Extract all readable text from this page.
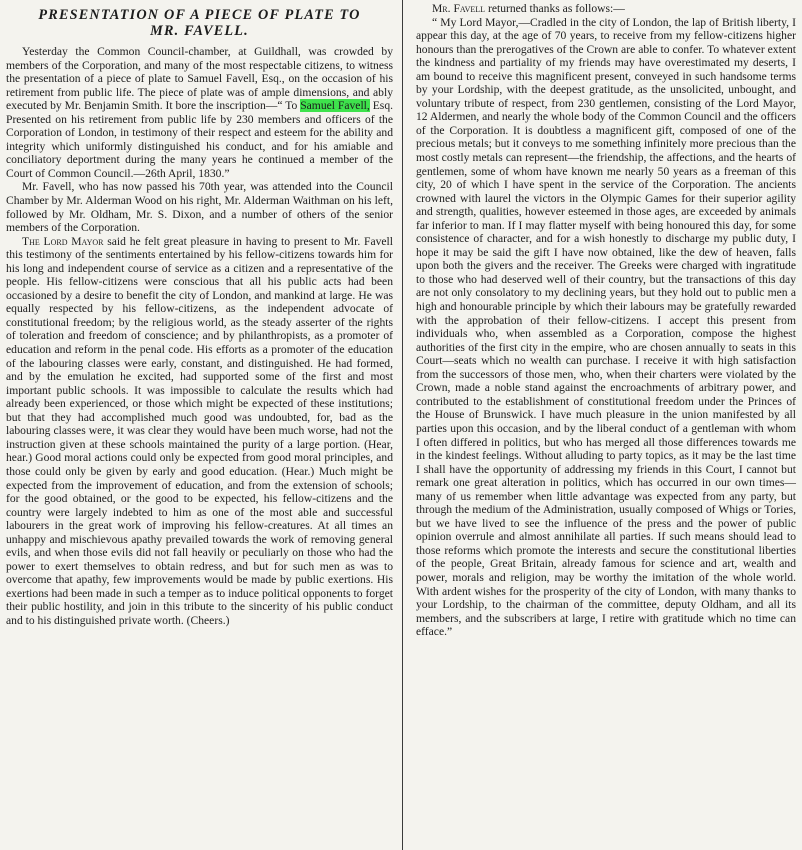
PRESENTATION OF A PIECE OF PLATE TO
MR. FAVELL.

Yesterday the Common Council-chamber, at Guildhall, was crowded by members of the Corporation, and many of the most respectable citizens, to witness the presentation of a piece of plate to Samuel Favell, Esq., on the occasion of his retirement from public life. The piece of plate was of ample dimensions, and ably executed by Mr. Benjamin Smith. It bore the inscription—“ To Samuel Favell, Esq. Presented on his retirement from public life by 230 members and officers of the Corporation of London, in testimony of their respect and esteem for the ability and integrity which uniformly distinguished his conduct, and for his amiable and conciliatory deportment during the many years he continued a member of the Court of Common Council.—26th April, 1830.”

Mr. Favell, who has now passed his 70th year, was attended into the Council Chamber by Mr. Alderman Wood on his right, Mr. Alderman Waithman on his left, followed by Mr. Oldham, Mr. S. Dixon, and a number of others of the senior members of the Corporation.

The Lord Mayor said he felt great pleasure in having to present to Mr. Favell this testimony of the sentiments entertained by his fellow-citizens towards him for his long and independent course of service as a citizen and a representative of the people. His fellow-citizens were conscious that all his public acts had been occasioned by a desire to benefit the city of London, and mankind at large. He was equally respected by his fellow-citizens, as the independent advocate of constitutional freedom; by the religious world, as the steady asserter of the rights of toleration and freedom of conscience; and by philanthropists, as a promoter of education and reform in the penal code. His efforts as a promoter of the education of the labouring classes were early, constant, and distinguished. He had formed, and by the emulation he excited, had supported some of the first and most important public schools. It was impossible to calculate the results which had already been experienced, or those which might be expected of these institutions; but that they had accomplished much good was undoubted, for, bad as the labouring classes were, it was clear they would have been much worse, had not the instruction given at these schools maintained the purity of a large portion. (Hear, hear.) Good moral actions could only be expected from good moral principles, and those could only be given by early and good education. (Hear.) Much might be expected from the improvement of education, and from the extension of schools; for the good obtained, or the good to be expected, his fellow-citizens and the country were largely indebted to him as one of the most able and successful labourers in the great work of improving his fellow-creatures. At all times an unhappy and mischievous apathy prevailed towards the work of removing general evils, and when those evils did not fall heavily or peculiarly on those who had the power to exert themselves to obtain redress, and but for such men as was to overcome that apathy, few improvements would be made by public exertions. His exertions had been made in such a temper as to induce political opponents to forget their public hostility, and join in this tribute to the sincerity of his public conduct and to his distinguished private worth. (Cheers.)

Mr. Favell returned thanks as follows:—

“ My Lord Mayor,—Cradled in the city of London, the lap of British liberty, I appear this day, at the age of 70 years, to receive from my fellow-citizens higher honours than the prerogatives of the Crown are able to confer. To whatever extent the kindness and partiality of my friends may have overestimated my deserts, I am bound to receive this magnificent present, conveyed in such handsome terms by your Lordship, with the deepest gratitude, as the unsolicited, unbought, and voluntary tribute of respect, from 230 gentlemen, consisting of the Lord Mayor, 12 Aldermen, and nearly the whole body of the Common Council and the officers of the Corporation. It is doubtless a magnificent gift, composed of one of the precious metals; but it conveys to me something infinitely more precious than the most costly metals can represent—the friendship, the affections, and the hearts of gentlemen, some of whom have known me nearly 50 years as a freeman of this city, 20 of which I have spent in the service of the Corporation. The ancients crowned with laurel the victors in the Olympic Games for their superior agility and strength, qualities, however esteemed in those ages, are exceeded by animals far inferior to man. If I may flatter myself with being honoured this day, for some consistence of character, and for a wish honestly to discharge my public duty, I hope it may be said the gift I have now obtained, like the dew of heaven, falls upon both the givers and the receiver. The Greeks were charged with ingratitude to those who had deserved well of their country, but the transactions of this day are not only consolatory to my declining years, but they hold out to public men a high and honourable principle by which their labours may be gratefully rewarded with the approbation of their fellow-citizens. I accept this present from individuals who, when assembled as a Corporation, compose the highest authorities of the first city in the empire, who are chosen annually to seats in this Court—seats which no wealth can purchase. I receive it with high satisfaction from the successors of those men, who, when their charters were violated by the Crown, made a noble stand against the encroachments of arbitrary power, and contributed to the establishment of constitutional freedom under the Princes of the House of Brunswick. I have much pleasure in the union manifested by all parties upon this occasion, and by the liberal conduct of a gentleman with whom I often differed in politics, but who has merged all those differences towards me in the kindest feelings. Without alluding to party topics, as it may be the last time I shall have the opportunity of addressing my friends in this Court, I cannot but remark one great alteration in politics, which has occurred in our own times—many of us remember when little advantage was expected from any party, but through the medium of the Administration, usually composed of Whigs or Tories, but we have lived to see the influence of the press and the power of public opinion overrule and almost annihilate all parties. If such means should lead to those reforms which promote the interests and secure the constitutional liberties of the people, Great Britain, already famous for science and art, wealth and power, morals and religion, may be worthy the imitation of the whole world. With ardent wishes for the prosperity of the city of London, with many thanks to your Lordship, to the chairman of the committee, deputy Oldham, and all its members, and the subscribers at large, I retire with gratitude which no time can efface.”
